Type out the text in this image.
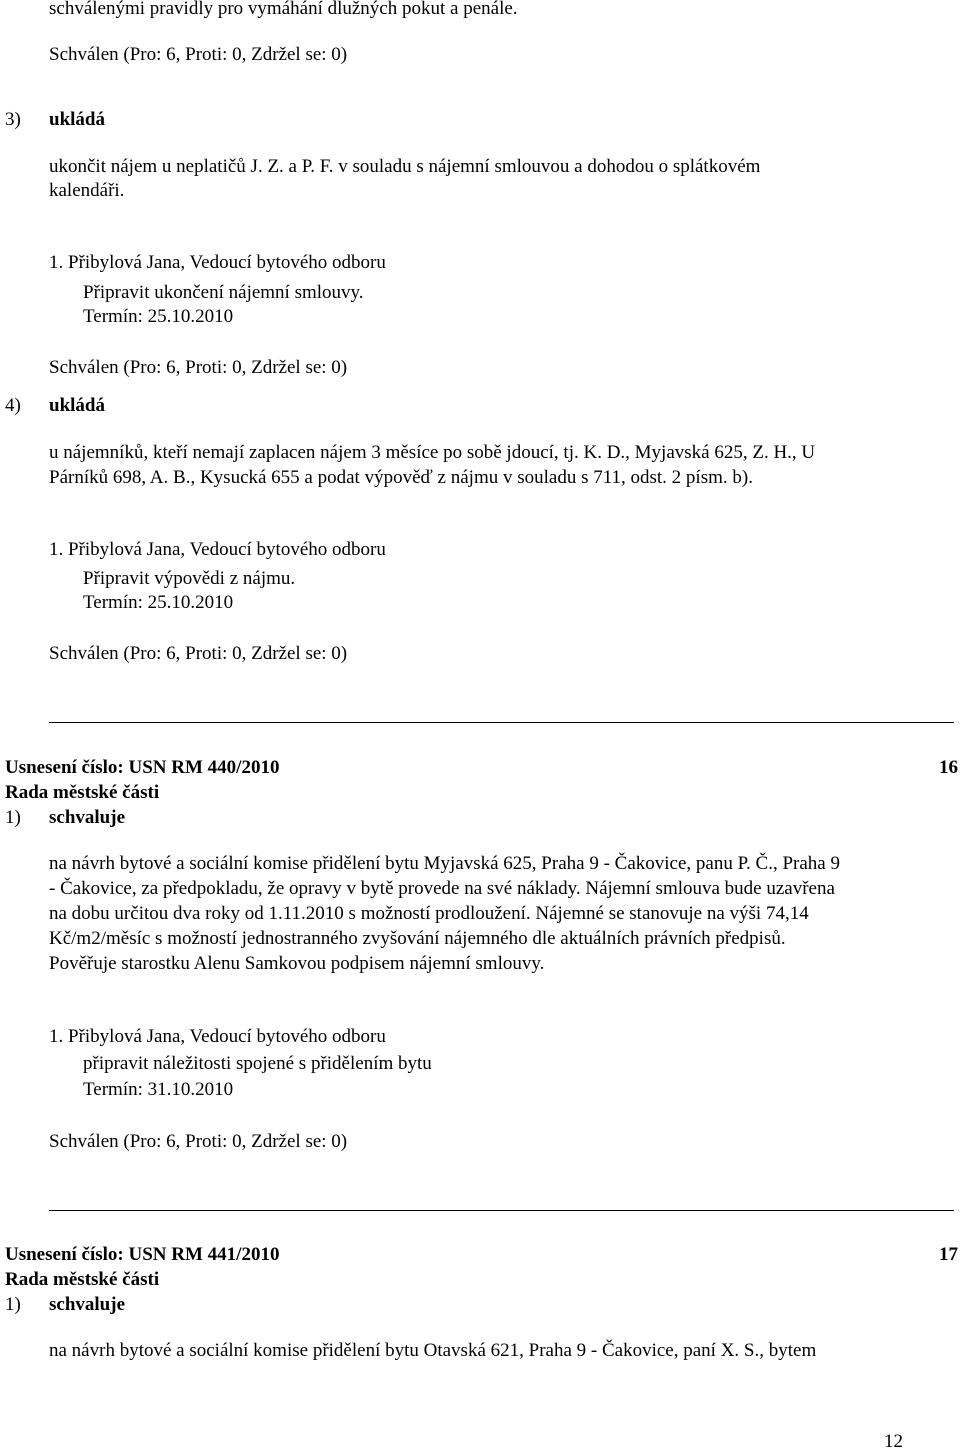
schválenými pravidly pro vymáhání dlužných pokut a penále.
Schválen (Pro: 6, Proti: 0, Zdržel se: 0)
3) ukládá
ukončit nájem u neplatičů J. Z. a P. F. v souladu s nájemní smlouvou a dohodou o splátkovém
kalendáři.
1. Přibylová Jana, Vedoucí bytového odboru
Připravit ukončení nájemní smlouvy.
Termín: 25.10.2010
Schválen (Pro: 6, Proti: 0, Zdržel se: 0)
4) ukládá
u nájemníků, kteří nemají zaplacen nájem 3 měsíce po sobě jdoucí, tj. K. D., Myjavská 625, Z. H., U
Párníků 698, A. B., Kysucká 655 a podat výpověď z nájmu v souladu s 711, odst. 2 písm. b).
1. Přibylová Jana, Vedoucí bytového odboru
Připravit výpovědi z nájmu.
Termín: 25.10.2010
Schválen (Pro: 6, Proti: 0, Zdržel se: 0)
Usnesení číslo: USN RM 440/2010	16
Rada městské části
1) schvaluje
na návrh bytové a sociální komise přidělení bytu Myjavská 625, Praha 9 - Čakovice, panu P. Č., Praha 9
- Čakovice, za předpokladu, že opravy v bytě provede na své náklady. Nájemní smlouva bude uzavřena
na dobu určitou dva roky od 1.11.2010 s možností prodloužení. Nájemné se stanovuje na výši 74,14
Kč/m2/měsíc s možností jednostranného zvyšování nájemného dle aktuálních právních předpisů.
Pověřuje starostku Alenu Samkovou podpisem nájemní smlouvy.
1. Přibylová Jana, Vedoucí bytového odboru
připravit náležitosti spojené s přidělením bytu
Termín: 31.10.2010
Schválen (Pro: 6, Proti: 0, Zdržel se: 0)
Usnesení číslo: USN RM 441/2010	17
Rada městské části
1) schvaluje
na návrh bytové a sociální komise přidělení bytu Otavská 621, Praha 9 - Čakovice, paní X. S., bytem
12
